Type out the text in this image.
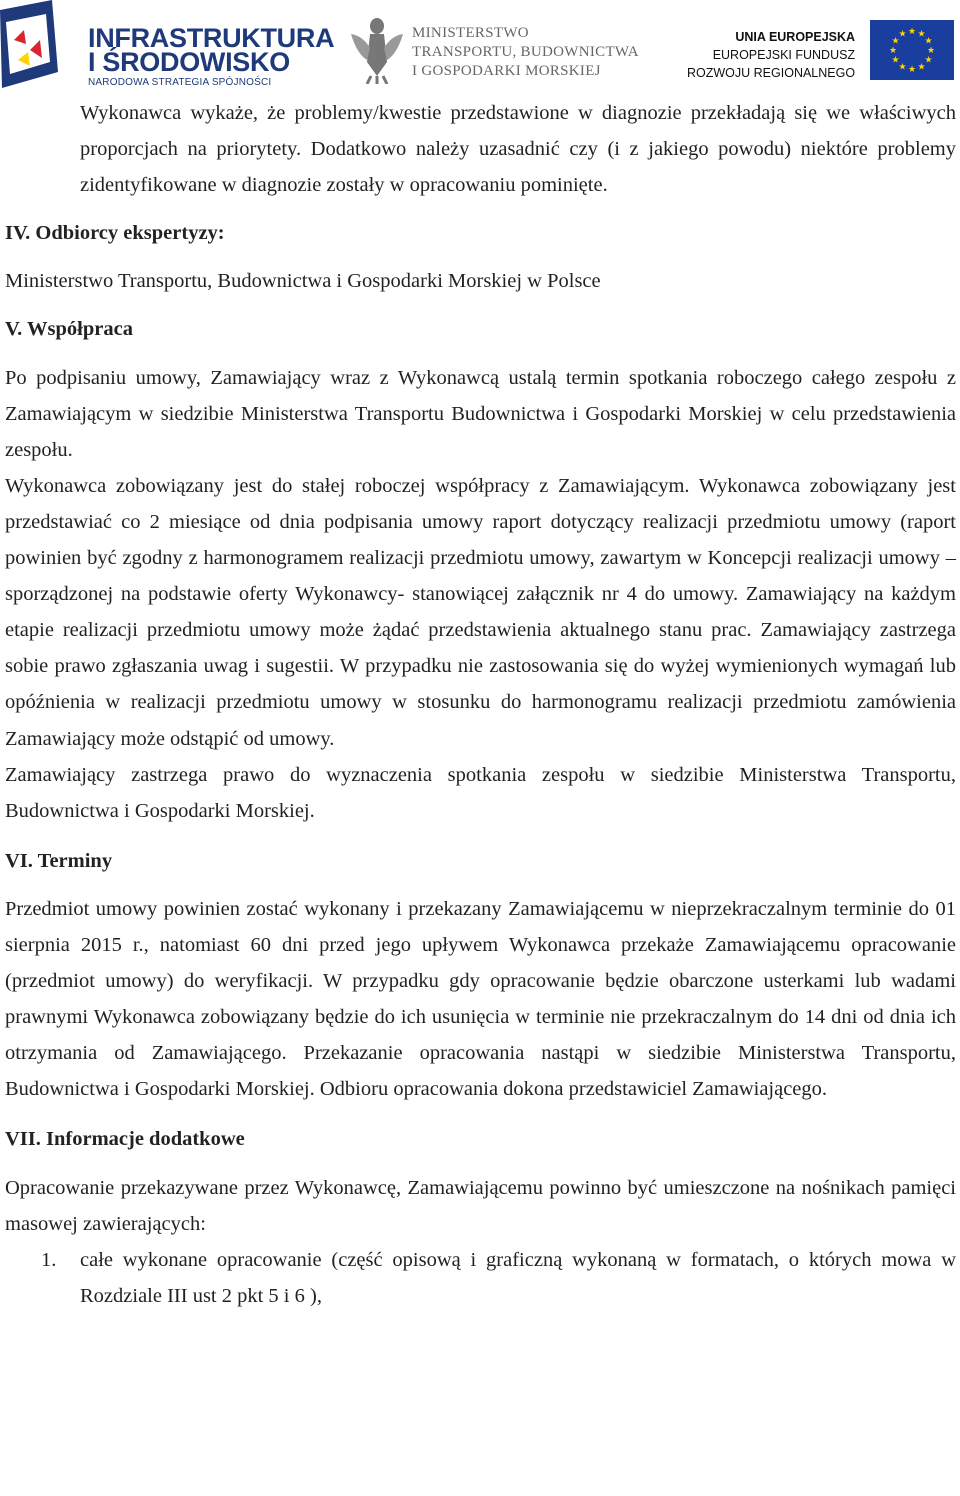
INFRASTRUKTURA
I ŚRODOWISKO
NARODOWA STRATEGIA SPÓJNOŚCI
MINISTERSTWO
TRANSPORTU, BUDOWNICTWA
I GOSPODARKI MORSKIEJ
UNIA EUROPEJSKA
EUROPEJSKI FUNDUSZ
ROZWOJU REGIONALNEGO
★
★
★
★
★
★
★
★
★ ★ ★
★

Wykonawca wykaże, że problemy/kwestie przedstawione w diagnozie przekładają się we właściwych proporcjach na priorytety. Dodatkowo należy uzasadnić czy (i z jakiego powodu) niektóre problemy zidentyfikowane w diagnozie zostały w opracowaniu pominięte.

IV. Odbiorcy ekspertyzy:

Ministerstwo Transportu, Budownictwa i Gospodarki Morskiej w Polsce

V. Współpraca

Po podpisaniu umowy, Zamawiający wraz z Wykonawcą ustalą termin spotkania roboczego całego zespołu z Zamawiającym w siedzibie Ministerstwa Transportu Budownictwa i Gospodarki Morskiej w celu przedstawienia zespołu.

Wykonawca zobowiązany jest do stałej roboczej współpracy z Zamawiającym. Wykonawca zobowiązany jest przedstawiać co 2 miesiące od dnia podpisania umowy raport dotyczący realizacji przedmiotu umowy (raport powinien być zgodny z harmonogramem realizacji przedmiotu umowy, zawartym w Koncepcji realizacji umowy – sporządzonej na podstawie oferty Wykonawcy- stanowiącej załącznik nr 4 do umowy. Zamawiający na każdym etapie realizacji przedmiotu umowy może żądać przedstawienia aktualnego stanu prac. Zamawiający zastrzega sobie prawo zgłaszania uwag i sugestii. W przypadku nie zastosowania się do wyżej wymienionych wymagań lub opóźnienia w realizacji przedmiotu umowy w stosunku do harmonogramu realizacji przedmiotu zamówienia Zamawiający może odstąpić od umowy.

Zamawiający zastrzega prawo do wyznaczenia spotkania zespołu w siedzibie Ministerstwa Transportu, Budownictwa i Gospodarki Morskiej.

VI. Terminy

Przedmiot umowy powinien zostać wykonany i przekazany Zamawiającemu w nieprzekraczalnym terminie do 01 sierpnia 2015 r., natomiast 60 dni przed jego upływem Wykonawca przekaże Zamawiającemu opracowanie (przedmiot umowy) do weryfikacji. W przypadku gdy opracowanie będzie obarczone usterkami lub wadami prawnymi Wykonawca zobowiązany będzie do ich usunięcia w terminie nie przekraczalnym do 14 dni od dnia ich otrzymania od Zamawiającego. Przekazanie opracowania nastąpi w siedzibie Ministerstwa Transportu, Budownictwa i Gospodarki Morskiej. Odbioru opracowania dokona przedstawiciel Zamawiającego.

VII. Informacje dodatkowe

Opracowanie przekazywane przez Wykonawcę, Zamawiającemu powinno być umieszczone na nośnikach pamięci masowej zawierających:

1. całe wykonane opracowanie (część opisową i graficzną wykonaną w formatach, o których mowa w Rozdziale III ust 2 pkt 5 i 6 ),
